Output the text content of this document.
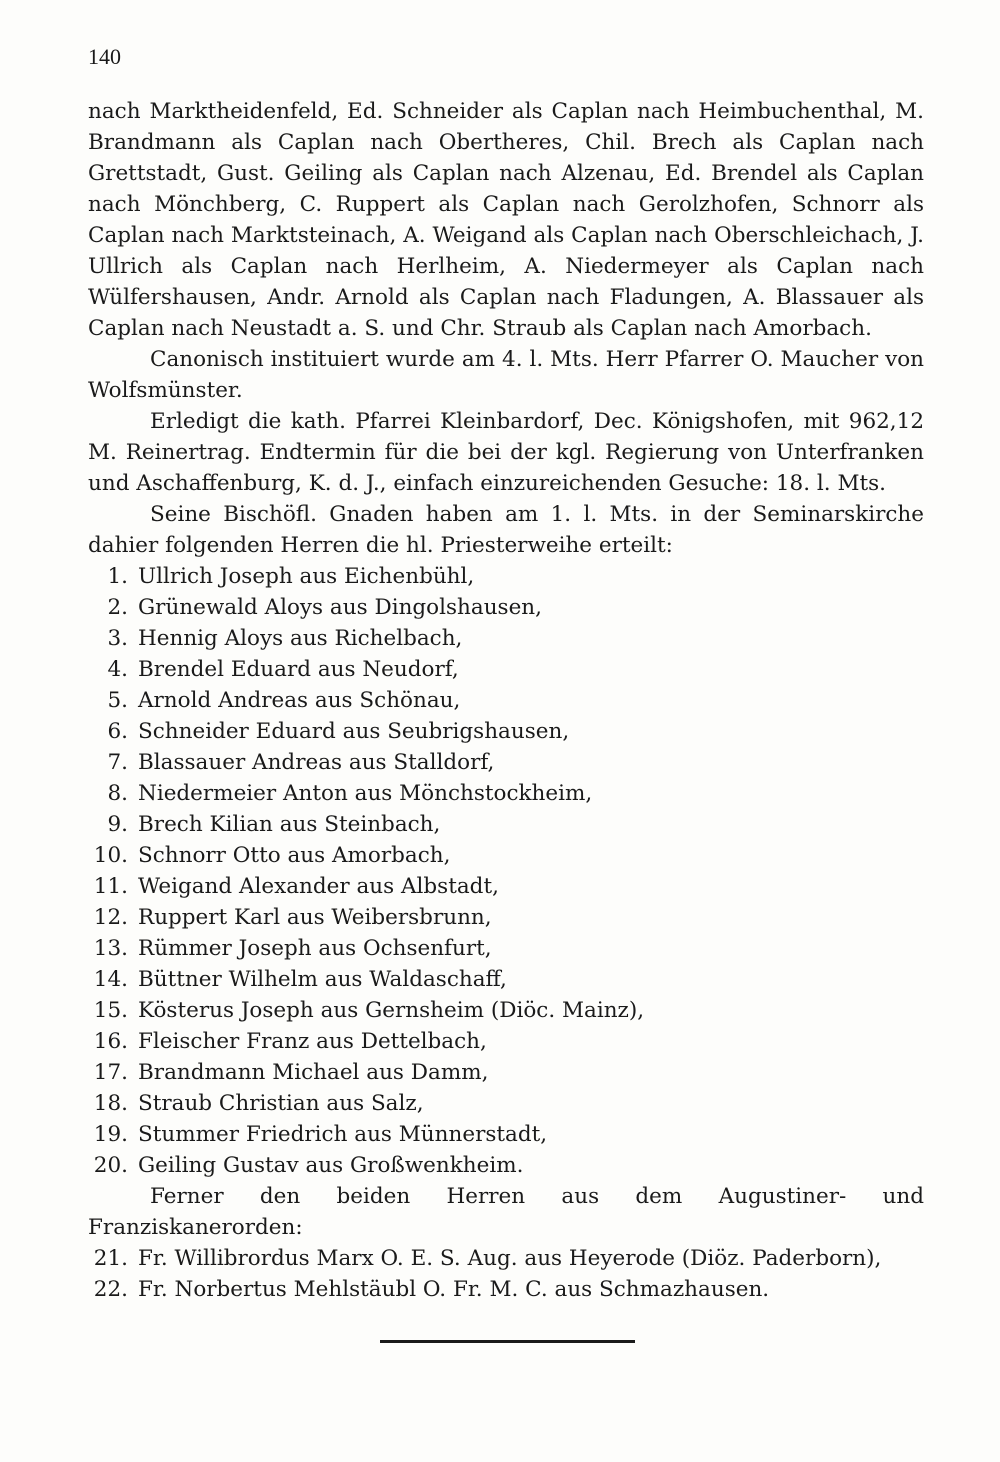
140

nach Marktheidenfeld, Ed. Schneider als Caplan nach Heimbuchenthal, M. Brandmann als Caplan nach Obertheres, Chil. Brech als Caplan nach Grettstadt, Gust. Geiling als Caplan nach Alzenau, Ed. Brendel als Caplan nach Mönchberg, C. Ruppert als Caplan nach Gerolzhofen, Schnorr als Caplan nach Marktsteinach, A. Weigand als Caplan nach Oberschleichach, J. Ullrich als Caplan nach Herlheim, A. Niedermeyer als Caplan nach Wülfershausen, Andr. Arnold als Caplan nach Fladungen, A. Blassauer als Caplan nach Neustadt a. S. und Chr. Straub als Caplan nach Amorbach.

Canonisch instituiert wurde am 4. l. Mts. Herr Pfarrer O. Maucher von Wolfsmünster.

Erledigt die kath. Pfarrei Kleinbardorf, Dec. Königshofen, mit 962,12 M. Reinertrag. Endtermin für die bei der kgl. Regierung von Unterfranken und Aschaffenburg, K. d. J., einfach einzureichenden Gesuche: 18. l. Mts.

Seine Bischöfl. Gnaden haben am 1. l. Mts. in der Seminarskirche dahier folgenden Herren die hl. Priesterweihe erteilt:

1. Ullrich Joseph aus Eichenbühl,
2. Grünewald Aloys aus Dingolshausen,
3. Hennig Aloys aus Richelbach,
4. Brendel Eduard aus Neudorf,
5. Arnold Andreas aus Schönau,
6. Schneider Eduard aus Seubrigshausen,
7. Blassauer Andreas aus Stalldorf,
8. Niedermeier Anton aus Mönchstockheim,
9. Brech Kilian aus Steinbach,
10. Schnorr Otto aus Amorbach,
11. Weigand Alexander aus Albstadt,
12. Ruppert Karl aus Weibersbrunn,
13. Rümmer Joseph aus Ochsenfurt,
14. Büttner Wilhelm aus Waldaschaff,
15. Kösterus Joseph aus Gernsheim (Diöc. Mainz),
16. Fleischer Franz aus Dettelbach,
17. Brandmann Michael aus Damm,
18. Straub Christian aus Salz,
19. Stummer Friedrich aus Münnerstadt,
20. Geiling Gustav aus Großwenkheim.

Ferner den beiden Herren aus dem Augustiner- und Franziskanerorden:

21. Fr. Willibrordus Marx O. E. S. Aug. aus Heyerode (Diöz. Paderborn),
22. Fr. Norbertus Mehlstäubl O. Fr. M. C. aus Schmazhausen.
